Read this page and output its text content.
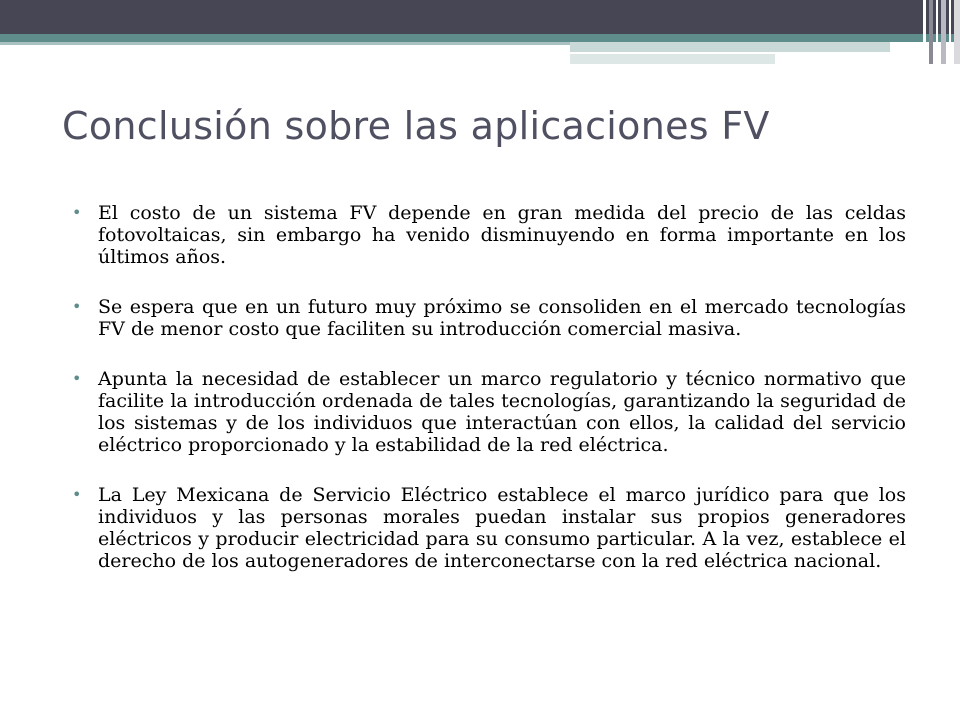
Conclusión sobre las aplicaciones FV
• El costo de un sistema FV depende en gran medida del precio de las celdas fotovoltaicas, sin embargo ha venido disminuyendo en forma importante en los últimos años.
• Se espera que en un futuro muy próximo se consoliden en el mercado tecnologías FV de menor costo que faciliten su introducción comercial masiva.
• Apunta la necesidad de establecer un marco regulatorio y técnico normativo que facilite la introducción ordenada de tales tecnologías, garantizando la seguridad de los sistemas y de los individuos que interactúan con ellos, la calidad del servicio eléctrico proporcionado y la estabilidad de la red eléctrica.
• La Ley Mexicana de Servicio Eléctrico establece el marco jurídico para que los individuos y las personas morales puedan instalar sus propios generadores eléctricos y producir electricidad para su consumo particular. A la vez, establece el derecho de los autogeneradores de interconectarse con la red eléctrica nacional.
